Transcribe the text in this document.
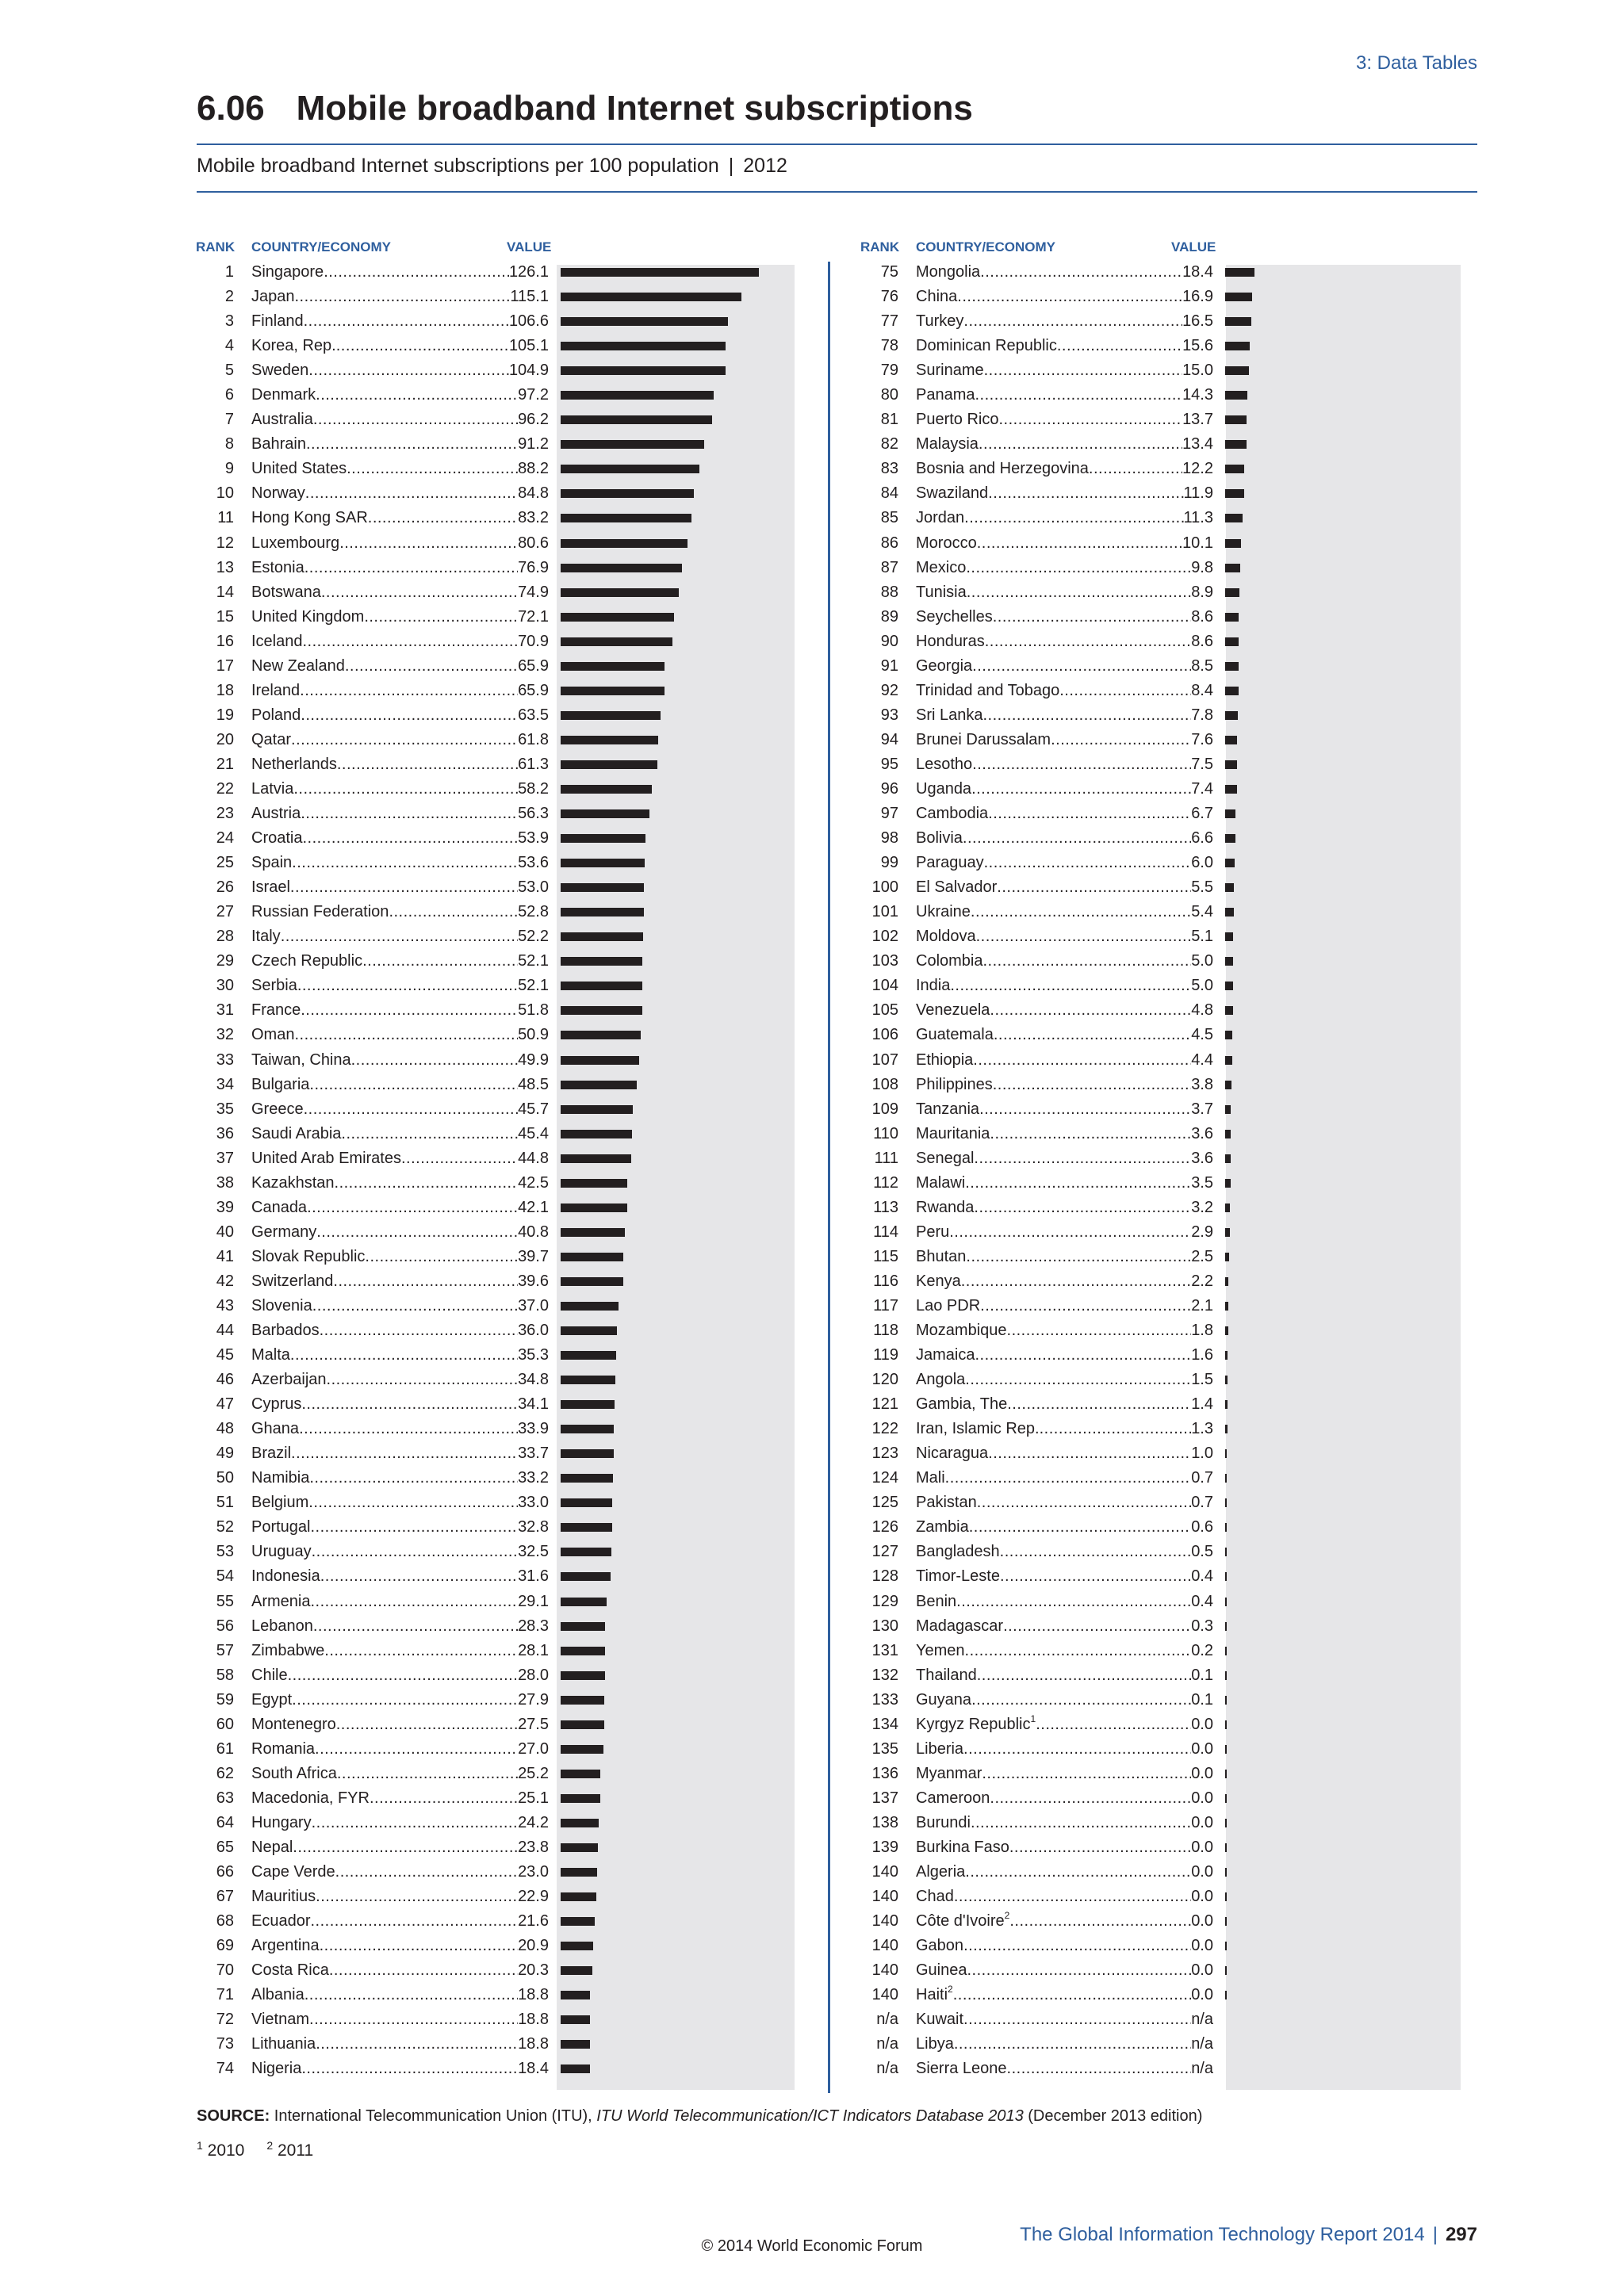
3: Data Tables
6.06 Mobile broadband Internet subscriptions
Mobile broadband Internet subscriptions per 100 population | 2012
RANK COUNTRY/ECONOMY	VALUE
1 Singapore .....	126.1
2 Japan .....	115.1
3 Finland .....	106.6
4 Korea, Rep. .....	105.1
5 Sweden .....	104.9
6 Denmark .....	97.2
7 Australia .....	96.2
8 Bahrain .....	91.2
9 United States .....	88.2
10 Norway .....	84.8
11 Hong Kong SAR .....	83.2
12 Luxembourg .....	80.6
13 Estonia .....	76.9
14 Botswana .....	74.9
15 United Kingdom .....	72.1
16 Iceland .....	70.9
17 New Zealand .....	65.9
18 Ireland .....	65.9
19 Poland .....	63.5
20 Qatar .....	61.8
21 Netherlands .....	61.3
22 Latvia .....	58.2
23 Austria .....	56.3
24 Croatia .....	53.9
25 Spain .....	53.6
26 Israel .....	53.0
27 Russian Federation .....	52.8
28 Italy .....	52.2
29 Czech Republic .....	52.1
30 Serbia .....	52.1
31 France .....	51.8
32 Oman .....	50.9
33 Taiwan, China .....	49.9
34 Bulgaria .....	48.5
35 Greece .....	45.7
36 Saudi Arabia .....	45.4
37 United Arab Emirates .....	44.8
38 Kazakhstan .....	42.5
39 Canada .....	42.1
40 Germany .....	40.8
41 Slovak Republic .....	39.7
42 Switzerland .....	39.6
43 Slovenia .....	37.0
44 Barbados .....	36.0
45 Malta .....	35.3
46 Azerbaijan .....	34.8
47 Cyprus .....	34.1
48 Ghana .....	33.9
49 Brazil .....	33.7
50 Namibia .....	33.2
51 Belgium .....	33.0
52 Portugal .....	32.8
53 Uruguay .....	32.5
54 Indonesia .....	31.6
55 Armenia .....	29.1
56 Lebanon .....	28.3
57 Zimbabwe .....	28.1
58 Chile .....	28.0
59 Egypt .....	27.9
60 Montenegro .....	27.5
61 Romania .....	27.0
62 South Africa .....	25.2
63 Macedonia, FYR .....	25.1
64 Hungary .....	24.2
65 Nepal .....	23.8
66 Cape Verde .....	23.0
67 Mauritius .....	22.9
68 Ecuador .....	21.6
69 Argentina .....	20.9
70 Costa Rica .....	20.3
71 Albania .....	18.8
72 Vietnam .....	18.8
73 Lithuania .....	18.8
74 Nigeria .....	18.4
RANK COUNTRY/ECONOMY	VALUE
75 Mongolia .....	18.4
76 China .....	16.9
77 Turkey .....	16.5
78 Dominican Republic .....	15.6
79 Suriname .....	15.0
80 Panama .....	14.3
81 Puerto Rico .....	13.7
82 Malaysia .....	13.4
83 Bosnia and Herzegovina .....	12.2
84 Swaziland .....	11.9
85 Jordan .....	11.3
86 Morocco .....	10.1
87 Mexico .....	9.8
88 Tunisia .....	8.9
89 Seychelles .....	8.6
90 Honduras .....	8.6
91 Georgia .....	8.5
92 Trinidad and Tobago .....	8.4
93 Sri Lanka .....	7.8
94 Brunei Darussalam .....	7.6
95 Lesotho .....	7.5
96 Uganda .....	7.4
97 Cambodia .....	6.7
98 Bolivia .....	6.6
99 Paraguay .....	6.0
100 El Salvador .....	5.5
101 Ukraine .....	5.4
102 Moldova .....	5.1
103 Colombia .....	5.0
104 India .....	5.0
105 Venezuela .....	4.8
106 Guatemala .....	4.5
107 Ethiopia .....	4.4
108 Philippines .....	3.8
109 Tanzania .....	3.7
110 Mauritania .....	3.6
111 Senegal .....	3.6
112 Malawi .....	3.5
113 Rwanda .....	3.2
114 Peru .....	2.9
115 Bhutan .....	2.5
116 Kenya .....	2.2
117 Lao PDR .....	2.1
118 Mozambique .....	1.8
119 Jamaica .....	1.6
120 Angola .....	1.5
121 Gambia, The .....	1.4
122 Iran, Islamic Rep. .....	1.3
123 Nicaragua .....	1.0
124 Mali .....	0.7
125 Pakistan .....	0.7
126 Zambia .....	0.6
127 Bangladesh .....	0.5
128 Timor-Leste .....	0.4
129 Benin .....	0.4
130 Madagascar .....	0.3
131 Yemen .....	0.2
132 Thailand .....	0.1
133 Guyana .....	0.1
134 Kyrgyz Republic$^1$ .....	0.0
135 Liberia .....	0.0
136 Myanmar .....	0.0
137 Cameroon .....	0.0
138 Burundi .....	0.0
139 Burkina Faso .....	0.0
140 Algeria .....	0.0
140 Chad .....	0.0
140 Côte d'Ivoire$^2$ .....	0.0
140 Gabon .....	0.0
140 Guinea .....	0.0
140 Haiti$^2$ .....	0.0
n/a Kuwait .....	n/a
n/a Libya .....	n/a
n/a Sierra Leone .....	n/a
SOURCE: International Telecommunication Union (ITU), ITU World Telecommunication/ICT Indicators Database 2013 (December 2013 edition)
$^1$ 2010 $^2$ 2011
The Global Information Technology Report 2014 | 297
© 2014 World Economic Forum
